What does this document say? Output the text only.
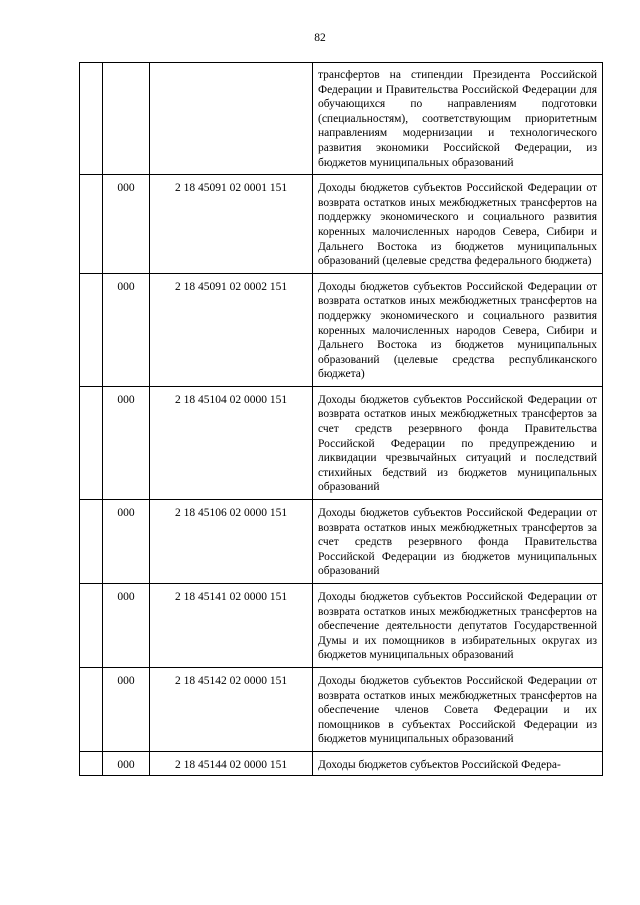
82
			трансфертов на стипендии Президента Российской Федерации и Правительства Российской Федерации для обучающихся по направлениям подготовки (специальностям), соответствующим приоритетным направлениям модернизации и технологического развития экономики Российской Федерации, из бюджетов муниципальных образований
	000	2 18 45091 02 0001 151	Доходы бюджетов субъектов Российской Федерации от возврата остатков иных межбюджетных трансфертов на поддержку экономического и социального развития коренных малочисленных народов Севера, Сибири и Дальнего Востока из бюджетов муниципальных образований (целевые средства федерального бюджета)
	000	2 18 45091 02 0002 151	Доходы бюджетов субъектов Российской Федерации от возврата остатков иных межбюджетных трансфертов на поддержку экономического и социального развития коренных малочисленных народов Севера, Сибири и Дальнего Востока из бюджетов муниципальных образований (целевые средства республиканского бюджета)
	000	2 18 45104 02 0000 151	Доходы бюджетов субъектов Российской Федерации от возврата остатков иных межбюджетных трансфертов за счет средств резервного фонда Правительства Российской Федерации по предупреждению и ликвидации чрезвычайных ситуаций и последствий стихийных бедствий из бюджетов муниципальных образований
	000	2 18 45106 02 0000 151	Доходы бюджетов субъектов Российской Федерации от возврата остатков иных межбюджетных трансфертов за счет средств резервного фонда Правительства Российской Федерации из бюджетов муниципальных образований
	000	2 18 45141 02 0000 151	Доходы бюджетов субъектов Российской Федерации от возврата остатков иных межбюджетных трансфертов на обеспечение деятельности депутатов Государственной Думы и их помощников в избирательных округах из бюджетов муниципальных образований
	000	2 18 45142 02 0000 151	Доходы бюджетов субъектов Российской Федерации от возврата остатков иных межбюджетных трансфертов на обеспечение членов Совета Федерации и их помощников в субъектах Российской Федерации из бюджетов муниципальных образований
	000	2 18 45144 02 0000 151	Доходы бюджетов субъектов Российской Федера-
